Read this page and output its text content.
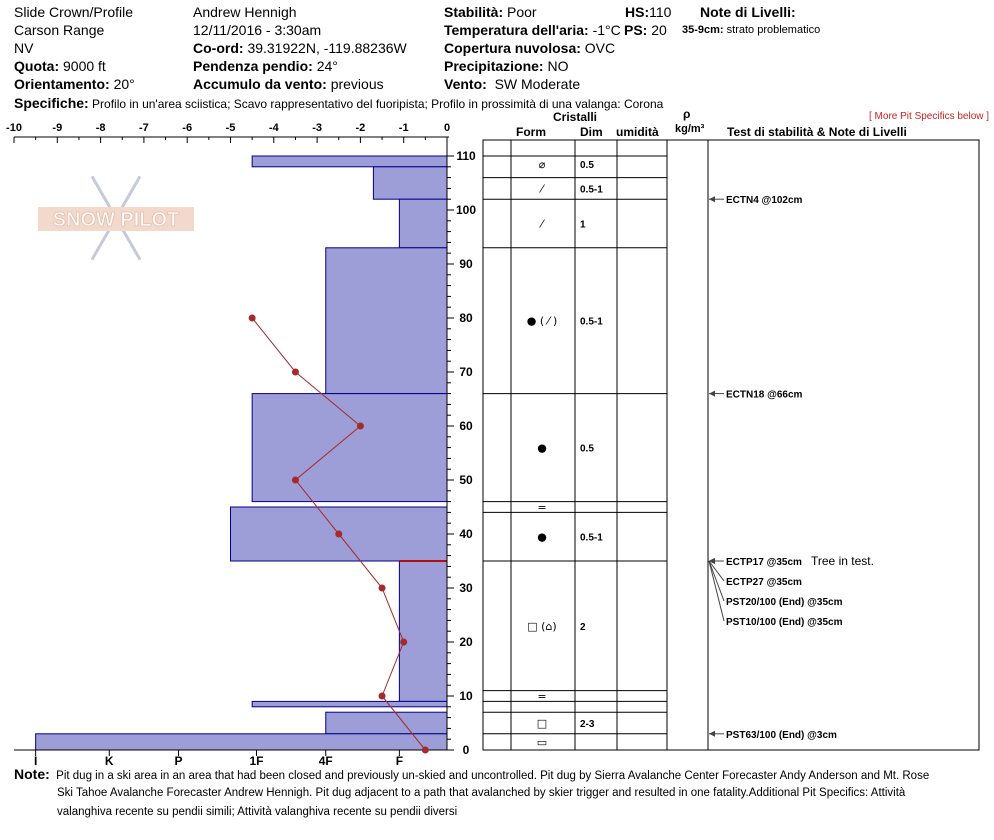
Slide Crown/Profile
Carson Range
NV
Quota: 9000 ft
Orientamento: 20°
Andrew Hennigh
12/11/2016 - 3:30am
Co-ord: 39.31922N, -119.88236W
Pendenza pendio: 24°
Accumulo da vento: previous
Stabilità: Poor
Temperatura dell'aria: -1°C
Copertura nuvolosa: OVC
Precipitazione: NO
Vento: SW Moderate
HS:110
PS: 20
Note di Livelli:
35-9cm: strato problematico
Specifiche: Profilo in un'area sciistica; Scavo rappresentativo del fuoripista; Profilo in prossimità di una valanga: Corona
[ More Pit Specifics below ]
Cristalli
Form	Dim umidità
ρ
kg/m³ Test di stabilità & Note di Livelli
SNOW PILOT
-10	-9	-8	-7	-6	-5	-4	-3	-2	-1	0
0
10
20
30
40
50
60
70
80
90
100
110
I	K	P	1F	4F	F
⌀	0.5
⁄	0.5-1
⁄	1
● ( ⁄ ) 0.5-1
●	0.5
=
●	0.5-1
□ (⌂) 2
=
□	2-3
▭
ECTN4 @102cm
ECTN18 @66cm
ECTP17 @35cm Tree in test.
ECTP27 @35cm
PST20/100 (End) @35cm
PST10/100 (End) @35cm
PST63/100 (End) @3cm
Note: Pit dug in a ski area in an area that had been closed and previously un-skied and uncontrolled. Pit dug by Sierra Avalanche Center Forecaster Andy Anderson and Mt. Rose
Ski Tahoe Avalanche Forecaster Andrew Hennigh. Pit dug adjacent to a path that avalanched by skier trigger and resulted in one fatality.Additional Pit Specifics: Attività
valanghiva recente su pendii simili; Attività valanghiva recente su pendii diversi
